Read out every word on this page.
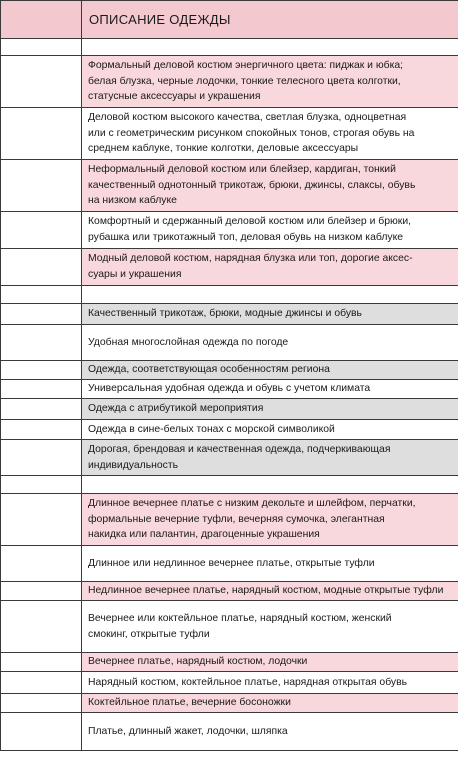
	ОПИСАНИЕ ОДЕЖДЫ

	Формальный деловой костюм энергичного цвета: пиджак и юбка;
белая блузка, черные лодочки, тонкие телесного цвета колготки,
статусные аксессуары и украшения

	Деловой костюм высокого качества, светлая блузка, одноцветная
или с геометрическим рисунком спокойных тонов, строгая обувь на
среднем каблуке, тонкие колготки, деловые аксессуары

	Неформальный деловой костюм или блейзер, кардиган, тонкий
качественный однотонный трикотаж, брюки, джинсы, слаксы, обувь
на низком каблуке

	Комфортный и сдержанный деловой костюм или блейзер и брюки,
рубашка или трикотажный топ, деловая обувь на низком каблуке

	Модный деловой костюм, нарядная блузка или топ, дорогие аксес-
суары и украшения

	Качественный трикотаж, брюки, модные джинсы и обувь

	Удобная многослойная одежда по погоде

	Одежда, соответствующая особенностям региона

	Универсальная удобная одежда и обувь с учетом климата

	Одежда с атрибутикой мероприятия

	Одежда в сине-белых тонах с морской символикой

	Дорогая, брендовая и качественная одежда, подчеркивающая
индивидуальность

	Длинное вечернее платье с низким декольте и шлейфом, перчатки,
формальные вечерние туфли, вечерняя сумочка, элегантная
накидка или палантин, драгоценные украшения

	Длинное или недлинное вечернее платье, открытые туфли

	Недлинное вечернее платье, нарядный костюм, модные открытые туфли

	Вечернее или коктейльное платье, нарядный костюм, женский
смокинг, открытые туфли

	Вечернее платье, нарядный костюм, лодочки

	Нарядный костюм, коктейльное платье, нарядная открытая обувь

	Коктейльное платье, вечерние босоножки

	Платье, длинный жакет, лодочки, шляпка
